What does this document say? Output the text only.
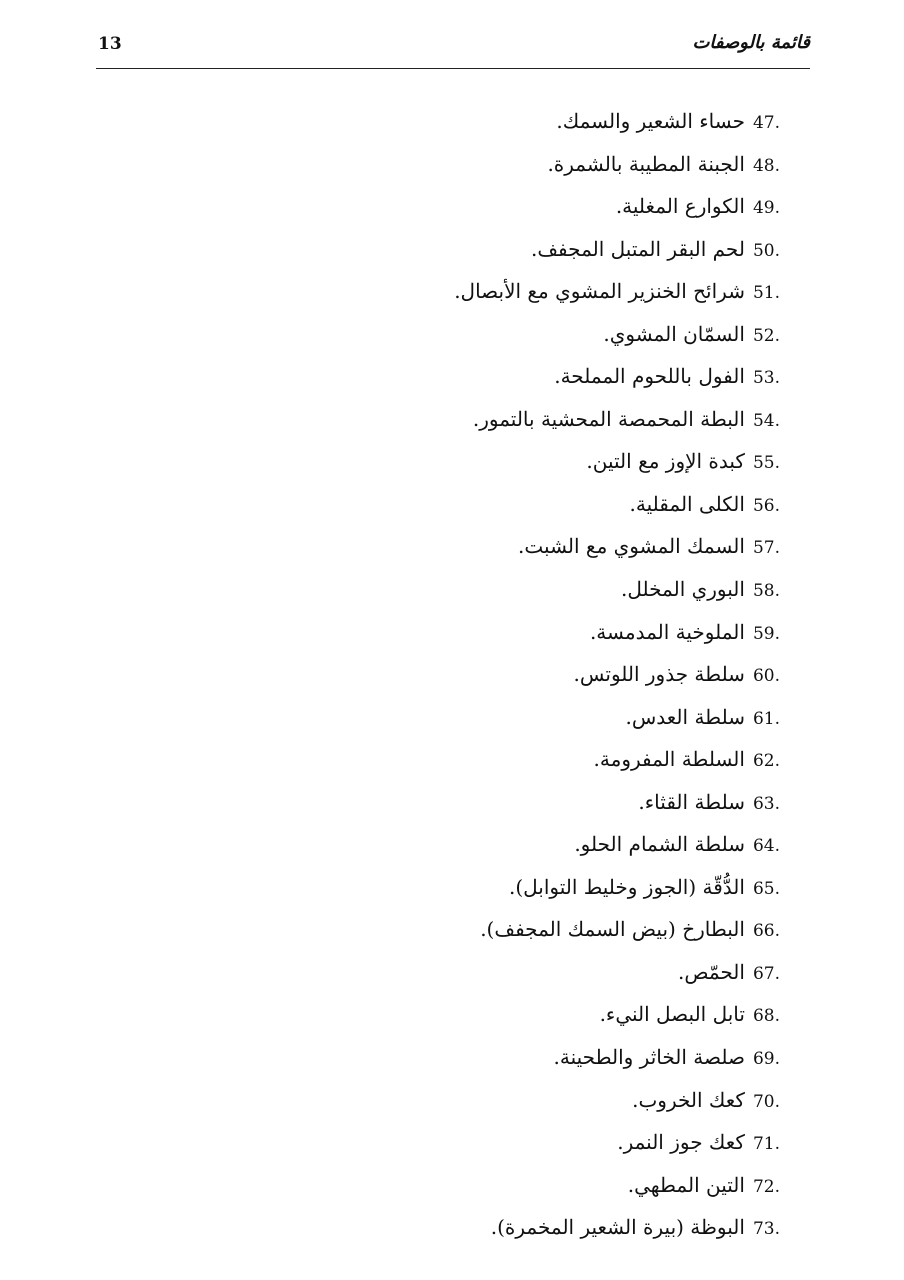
13	قائمة بالوصفات
47.حساء الشعير والسمك.
48.الجبنة المطيبة بالشمرة.
49.الكوارع المغلية.
50.لحم البقر المتبل المجفف.
51.شرائح الخنزير المشوي مع الأبصال.
52.السمّان المشوي.
53.الفول باللحوم المملحة.
54.البطة المحمصة المحشية بالتمور.
55.كبدة الإوز مع التين.
56.الكلى المقلية.
57.السمك المشوي مع الشبت.
58.البوري المخلل.
59.الملوخية المدمسة.
60.سلطة جذور اللوتس.
61.سلطة العدس.
62.السلطة المفرومة.
63.سلطة القثاء.
64.سلطة الشمام الحلو.
65.الدُّقّة (الجوز وخليط التوابل).
66.البطارخ (بيض السمك المجفف).
67.الحمّص.
68.تابل البصل النيء.
69.صلصة الخاثر والطحينة.
70.كعك الخروب.
71.كعك جوز النمر.
72.التين المطهي.
73.البوظة (بيرة الشعير المخمرة).
